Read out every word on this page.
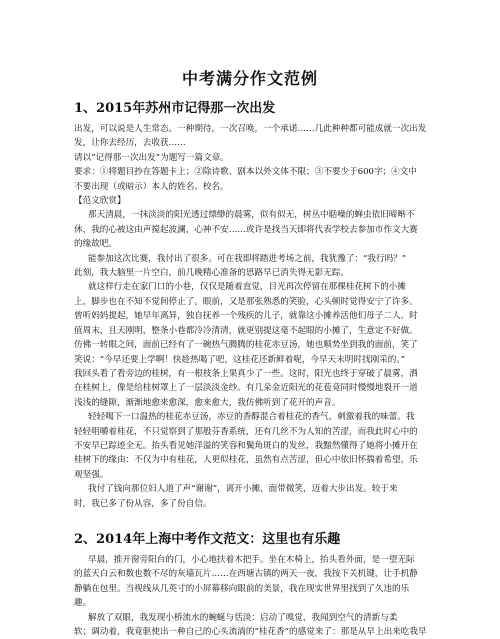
中考满分作文范例
1、2015年苏州市记得那一次出发

出发，可以说是人生常态。一种期待，一次召唤，一个承诺……几此种种都可能成就一次出发

发，让你去经历，去收获……

请以“记得那一次出发”为题写一篇文章。

要求：①将题目抄在答题卡上；②除诗歌、剧本以外文体不限；③不要少于600字；④文中

不要出现（或暗示）本人的姓名、校名。

【范文欣赏】

那天清晨，一抹淡淡的阳光透过缥缈的晨雾，似有似无，树丛中聒噪的蝉虫依旧啼啭不

休，我的心被这由声搅起波澜，心神不安……或许是找当天即将代表学校去参加市作文大赛

的缘故吧。

能参加这次比赛，我付出了很多。可在我即将踏进考场之前，我犹豫了：“我行吗？”

此刻，我大脑里一片空白，前几晚精心准备的思路早已消失得无影无踪。

就这样行走在家门口的小巷，仅仅是随着直觉，目光再次停留在那棵桂花树下的小摊

上，脚步也在不知不觉间停止了。眼前，又是那张熟悉的笑脸，心头顿时觉得安宁了许多。

曾听妈妈提起，她早年离异，独自抚养一个残疾的儿子，就靠这小摊养活他们母子二人。时

值周末，且天刚明，整条小巷都冷冷清清，就更别提这毫不起眼的小摊了，生意定不好做。

仿佛一转眼之间，面前已经有了一碗热气腾腾的桂花赤豆汤，她也顺势坐到我的面前，笑了

笑说：“今早还要上学啊！快趁热喝了吧，这桂花还新鲜着呢，今早天未明时找刚采的。”

我回头看了看旁边的桂树，有一根枝条上果真少了一些。这时，阳光也终于穿破了晨雾，洒

在桂树上，像是给桂树罩上了一层淡淡金纱。有几朵金近阳光的花苞竟同时慢慢地裂开一道

浅浅的缝隙，渐渐地愈来愈深，愈来愈大，我仿佛听到了花开的声音。

轻轻喝下一口温热的桂花赤豆汤，赤豆的香醇混合着桂花的香气，刺激着我的味蕾。我

轻轻咀嚼着桂花，不只觉察到了那般芬香系统，还有几丝不为人知的苦涩，而我此时心中的

不安早已踪迹全无。抬头看见她洋溢的笑容和鬓角斑白的发丝，我黯然懂得了她将小摊开在

桂树下的缘由：不仅为中有桂花，人更似桂花，虽然有点苦涩，但心中依旧怀揣着希望，乐

观坚强。

我付了钱向那位妇人道了声“谢谢”，离开小摊，面带微笑，迈着大步出发。较于来

时，我已多了份从容，多了份自信。

2、2014年上海中考作文范文：这里也有乐趣

早晨，推开窗旁阳台的门，小心地扶着木把手。坐在木椅上，抬头看外面，是一望无际

的蓝天白云和数也数不尽的灰墙瓦片……在西塘古镇的两天一夜，我按下关机键，让手机静

静躺在包里。当视线从几英寸的小屏幕移向眼前的美景，我在现实世界里找到了久违的乐

趣。

解放了双眼，我发现小桥流水的蜿蜒与恬淡：启动了嗅觉，我闻到空气的清新与柔

软；调动着，我竟驱使出一种自己的心头流淌的“桂花香”的感觉来了：那是从早上出来吃我早
